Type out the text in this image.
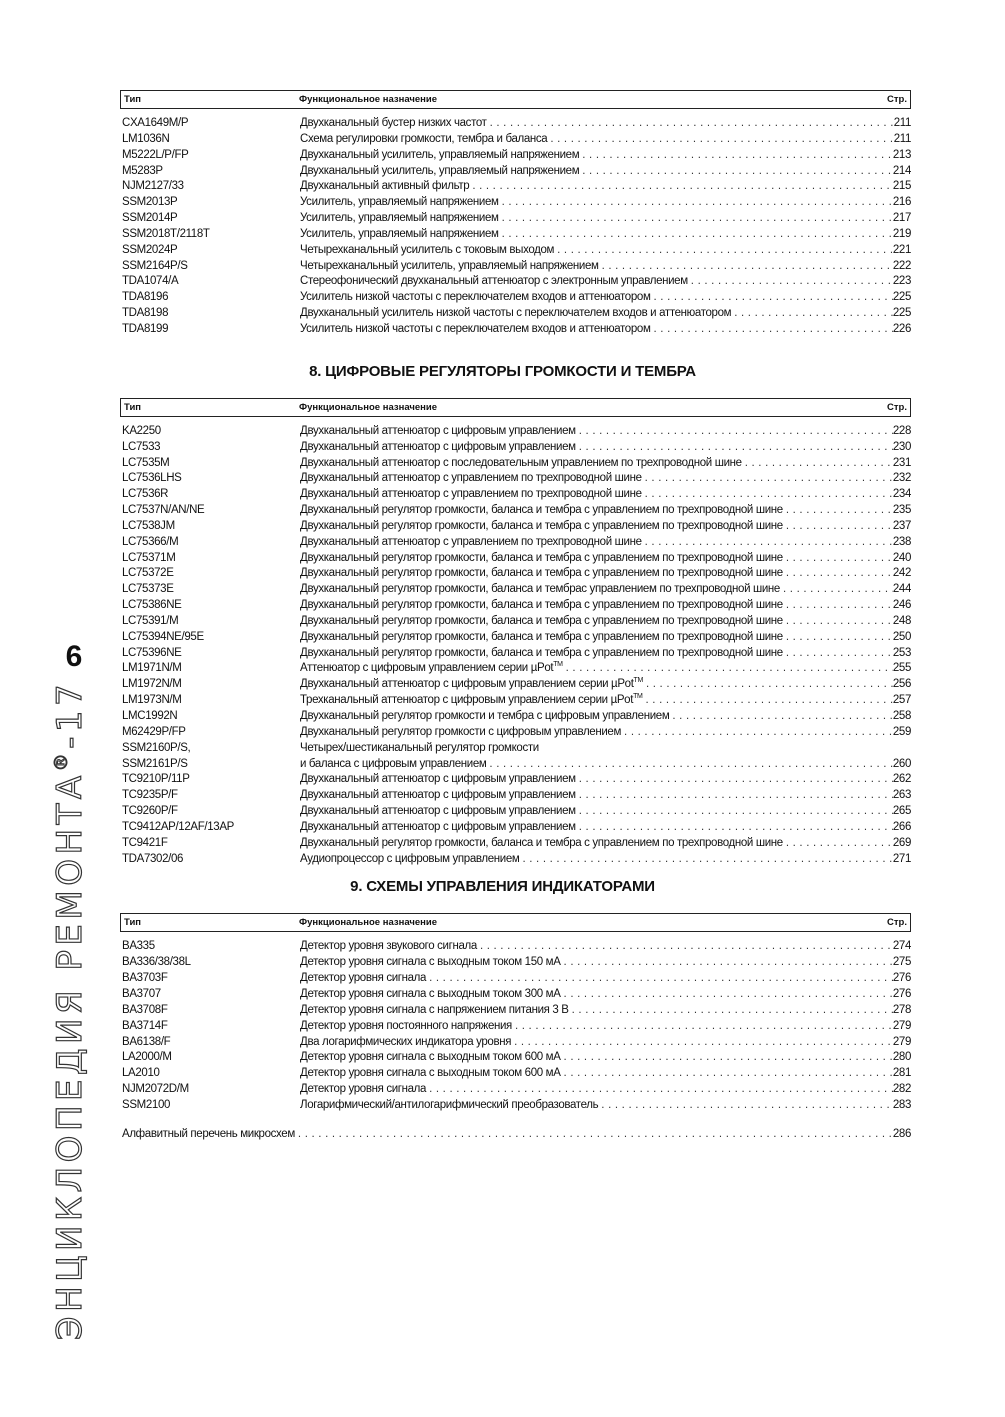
6
ЭНЦИКЛОПЕДИЯ РЕМОНТА®-17
Тип	Функциональное назначение	Стр.
CXA1649M/P	Двухканальный бустер низких частот . . .	211
LM1036N	Схема регулировки громкости, тембра и баланса . . .	211
M5222L/P/FP	Двухканальный усилитель, управляемый напряжением . . .	213
M5283P	Двухканальный усилитель, управляемый напряжением . . .	214
NJM2127/33	Двухканальный активный фильтр . . .	215
SSM2013P	Усилитель, управляемый напряжением . . .	216
SSM2014P	Усилитель, управляемый напряжением . . .	217
SSM2018T/2118T	Усилитель, управляемый напряжением . . .	219
SSM2024P	Четырехканальный усилитель с токовым выходом . . .	221
SSM2164P/S	Четырехканальный усилитель, управляемый напряжением . . .	222
TDA1074/A	Стереофонический двухканальный аттенюатор с электронным управлением . . .	223
TDA8196	Усилитель низкой частоты с переключателем входов и аттенюатором . . .	225
TDA8198	Двухканальный усилитель низкой частоты с переключателем входов и аттенюатором . . .	225
TDA8199	Усилитель низкой частоты с переключателем входов и аттенюатором . . .	226
8. ЦИФРОВЫЕ РЕГУЛЯТОРЫ ГРОМКОСТИ И ТЕМБРА
Тип	Функциональное назначение	Стр.
KA2250	Двухканальный аттенюатор с цифровым управлением . . .	228
LC7533	Двухканальный аттенюатор с цифровым управлением . . .	230
LC7535M	Двухканальный аттенюатор с последовательным управлением по трехпроводной шине . . .	231
LC7536LHS	Двухканальный аттенюатор с управлением по трехпроводной шине . . .	232
LC7536R	Двухканальный аттенюатор с управлением по трехпроводной шине . . .	234
LC7537N/AN/NE	Двухканальный регулятор громкости, баланса и тембра с управлением по трехпроводной шине . . .	235
LC7538JM	Двухканальный регулятор громкости, баланса и тембра с управлением по трехпроводной шине . . .	237
LC75366/M	Двухканальный аттенюатор с управлением по трехпроводной шине . . .	238
LC75371M	Двухканальный регулятор громкости, баланса и тембра с управлением по трехпроводной шине . . .	240
LC75372E	Двухканальный регулятор громкости, баланса и тембра с управлением по трехпроводной шине . . .	242
LC75373E	Двухканальный регулятор громкости, баланса и тембрас управлением по трехпроводной шине . . .	244
LC75386NE	Двухканальный регулятор громкости, баланса и тембра с управлением по трехпроводной шине . . .	246
LC75391/M	Двухканальный регулятор громкости, баланса и тембра с управлением по трехпроводной шине . . .	248
LC75394NE/95E	Двухканальный регулятор громкости, баланса и тембра с управлением по трехпроводной шине . . .	250
LC75396NE	Двухканальный регулятор громкости, баланса и тембра с управлением по трехпроводной шине . . .	253
LM1971N/M	Аттенюатор с цифровым управлением серии µPot™ . . .	255
LM1972N/M	Двухканальный аттенюатор с цифровым управлением серии µPot™ . . .	256
LM1973N/M	Трехканальный аттенюатор с цифровым управлением серии µPot™ . . .	257
LMC1992N	Двухканальный регулятор громкости и тембра с цифровым управлением . . .	258
M62429P/FP	Двухканальный регулятор громкости с цифровым управлением . . .	259
SSM2160P/S,	Четырех/шестиканальный регулятор громкости
SSM2161P/S	и баланса с цифровым управлением . . .	260
TC9210P/11P	Двухканальный аттенюатор с цифровым управлением . . .	262
TC9235P/F	Двухканальный аттенюатор с цифровым управлением . . .	263
TC9260P/F	Двухканальный аттенюатор с цифровым управлением . . .	265
TC9412AP/12AF/13AP	Двухканальный аттенюатор с цифровым управлением . . .	266
TC9421F	Двухканальный регулятор громкости, баланса и тембра с управлением по трехпроводной шине . . .	269
TDA7302/06	Аудиопроцессор с цифровым управлением . . .	271
9. СХЕМЫ УПРАВЛЕНИЯ ИНДИКАТОРАМИ
Тип	Функциональное назначение	Стр.
BA335	Детектор уровня звукового сигнала . . .	274
BA336/38/38L	Детектор уровня сигнала с выходным током 150 мА . . .	275
BA3703F	Детектор уровня сигнала . . .	276
BA3707	Детектор уровня сигнала с выходным током 300 мА . . .	276
BA3708F	Детектор уровня сигнала с напряжением питания 3 В . . .	278
BA3714F	Детектор уровня постоянного напряжения . . .	279
BA6138/F	Два логарифмических индикатора уровня . . .	279
LA2000/M	Детектор уровня сигнала с выходным током 600 мА . . .	280
LA2010	Детектор уровня сигнала с выходным током 600 мА . . .	281
NJM2072D/M	Детектор уровня сигнала . . .	282
SSM2100	Логарифмический/антилогарифмический преобразователь . . .	283
Алфавитный перечень микросхем . . .	286
